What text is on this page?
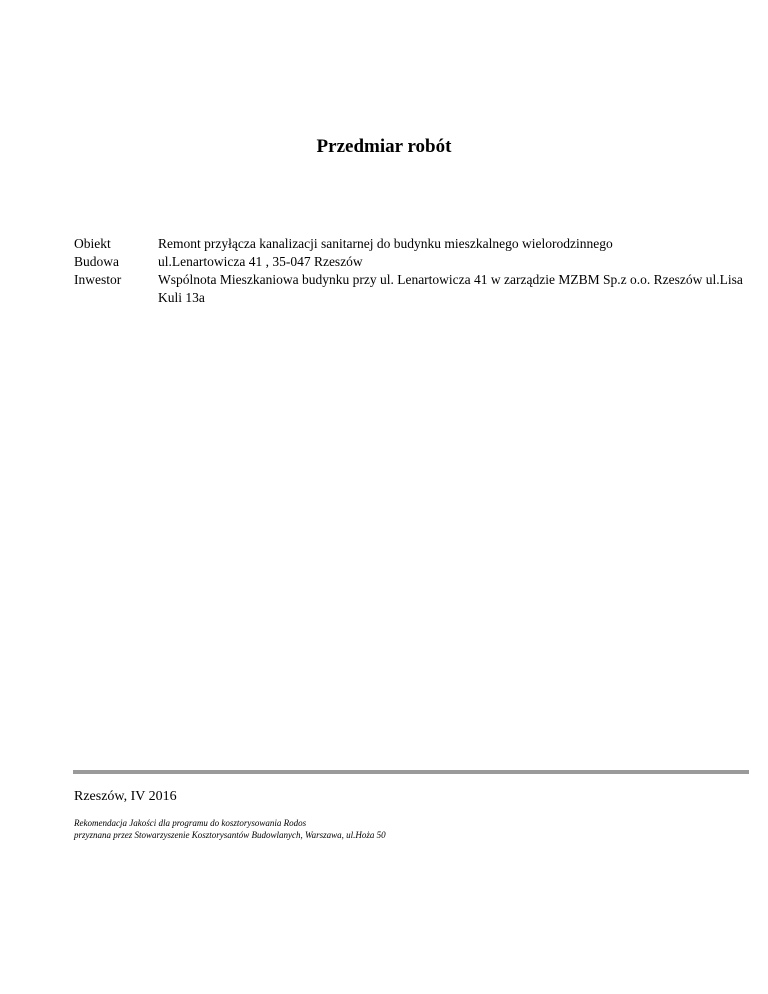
Przedmiar robót
Obiekt	Remont przyłącza kanalizacji sanitarnej do budynku mieszkalnego wielorodzinnego
Budowa	ul.Lenartowicza 41 , 35-047 Rzeszów
Inwestor	Wspólnota Mieszkaniowa budynku przy ul. Lenartowicza 41 w zarządzie MZBM Sp.z o.o. Rzeszów ul.Lisa Kuli 13a
Rzeszów, IV 2016
Rekomendacja Jakości dla programu do kosztorysowania Rodos
przyznana przez Stowarzyszenie Kosztorysantów Budowlanych, Warszawa, ul.Hoża 50
